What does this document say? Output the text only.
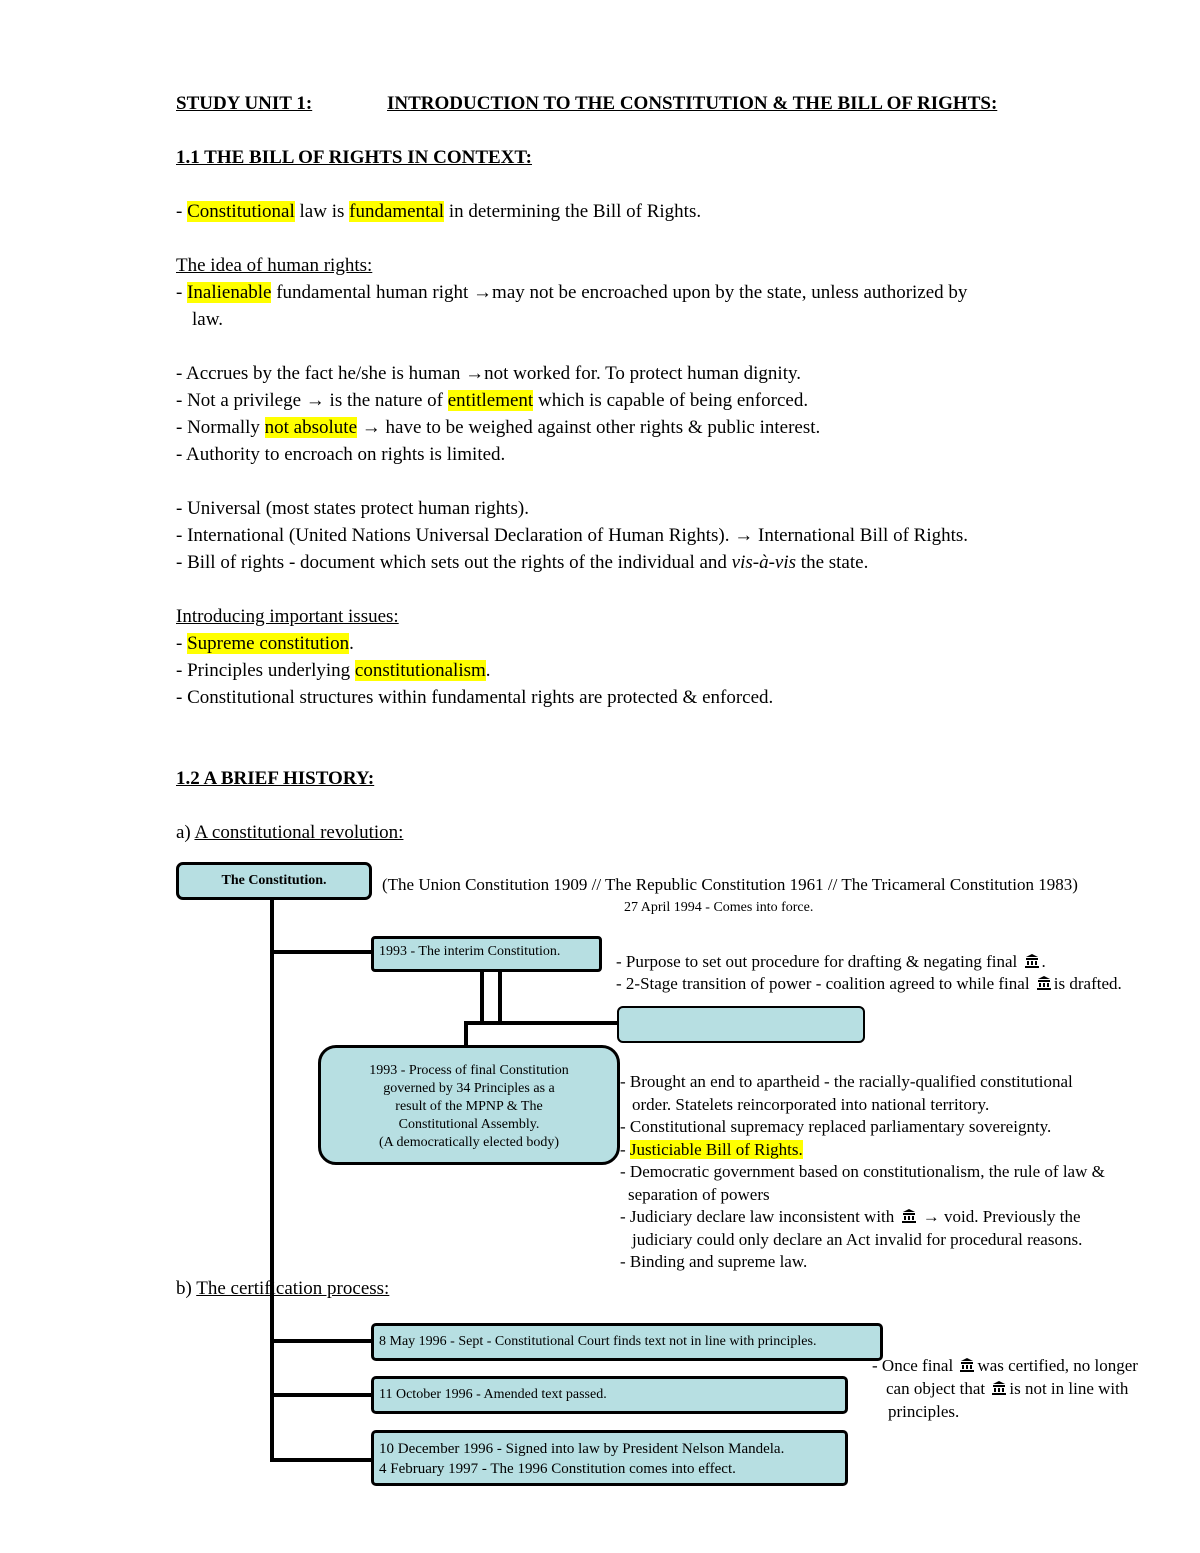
STUDY UNIT 1:	INTRODUCTION TO THE CONSTITUTION & THE BILL OF RIGHTS:
1.1 THE BILL OF RIGHTS IN CONTEXT:
- Constitutional law is fundamental in determining the Bill of Rights.
The idea of human rights:
- Inalienable fundamental human right →may not be encroached upon by the state, unless authorized by
law.
- Accrues by the fact he/she is human →not worked for. To protect human dignity.
- Not a privilege → is the nature of entitlement which is capable of being enforced.
- Normally not absolute → have to be weighed against other rights & public interest.
- Authority to encroach on rights is limited.
- Universal (most states protect human rights).
- International (United Nations Universal Declaration of Human Rights). → International Bill of Rights.
- Bill of rights - document which sets out the rights of the individual and vis-à-vis the state.
Introducing important issues:
- Supreme constitution.
- Principles underlying constitutionalism.
- Constitutional structures within fundamental rights are protected & enforced.
1.2 A BRIEF HISTORY:
a) A constitutional revolution:
The Constitution.
1993 - The interim Constitution.
1993 - Process of final Constitution
governed by 34 Principles as a
result of the MPNP & The
Constitutional Assembly.
(A democratically elected body)
(The Union Constitution 1909 // The Republic Constitution 1961 // The Tricameral Constitution 1983)
27 April 1994 - Comes into force.
- Purpose to set out procedure for drafting & negating final .
- 2-Stage transition of power - coalition agreed to while final is drafted.
- Brought an end to apartheid - the racially-qualified constitutional
order. Statelets reincorporated into national territory.
- Constitutional supremacy replaced parliamentary sovereignty.
- Justiciable Bill of Rights.
- Democratic government based on constitutionalism, the rule of law &
separation of powers
- Judiciary declare law inconsistent with  → void. Previously the
judiciary could only declare an Act invalid for procedural reasons.
- Binding and supreme law.
b) The certification process:
8 May 1996 - Sept - Constitutional Court finds text not in line with principles.
11 October 1996 - Amended text passed.
10 December 1996 - Signed into law by President Nelson Mandela.
4 February 1997 - The 1996 Constitution comes into effect.
- Once final was certified, no longer
can object that is not in line with
principles.
